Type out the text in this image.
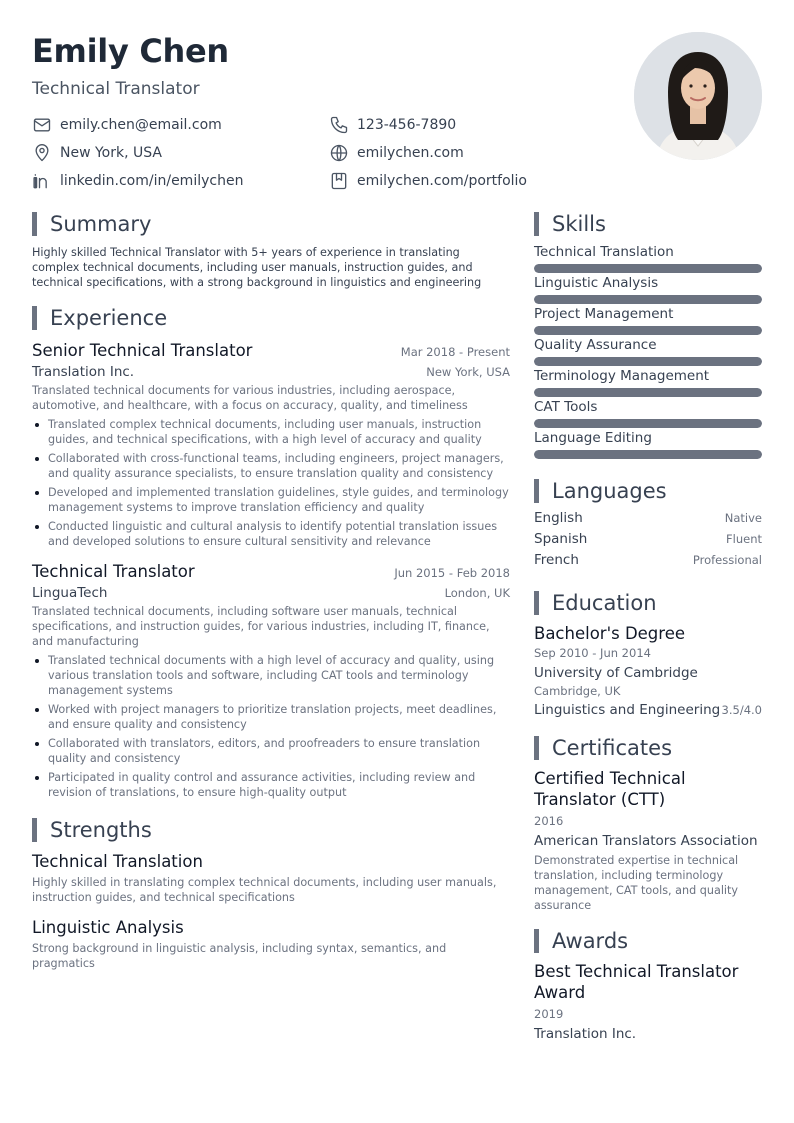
Emily Chen
Technical Translator
emily.chen@email.com	123-456-7890
New York, USA	emilychen.com
linkedin.com/in/emilychen	emilychen.com/portfolio
Summary
Highly skilled Technical Translator with 5+ years of experience in translating complex technical documents, including user manuals, instruction guides, and technical specifications, with a strong background in linguistics and engineering
Experience
Senior Technical Translator	Mar 2018 - Present
Translation Inc.	New York, USA
Translated technical documents for various industries, including aerospace, automotive, and healthcare, with a focus on accuracy, quality, and timeliness
Translated complex technical documents, including user manuals, instruction guides, and technical specifications, with a high level of accuracy and quality
Collaborated with cross-functional teams, including engineers, project managers, and quality assurance specialists, to ensure translation quality and consistency
Developed and implemented translation guidelines, style guides, and terminology management systems to improve translation efficiency and quality
Conducted linguistic and cultural analysis to identify potential translation issues and developed solutions to ensure cultural sensitivity and relevance
Technical Translator	Jun 2015 - Feb 2018
LinguaTech	London, UK
Translated technical documents, including software user manuals, technical specifications, and instruction guides, for various industries, including IT, finance, and manufacturing
Translated technical documents with a high level of accuracy and quality, using various translation tools and software, including CAT tools and terminology management systems
Worked with project managers to prioritize translation projects, meet deadlines, and ensure quality and consistency
Collaborated with translators, editors, and proofreaders to ensure translation quality and consistency
Participated in quality control and assurance activities, including review and revision of translations, to ensure high-quality output
Strengths
Technical Translation
Highly skilled in translating complex technical documents, including user manuals, instruction guides, and technical specifications
Linguistic Analysis
Strong background in linguistic analysis, including syntax, semantics, and pragmatics
Skills
Technical Translation
Linguistic Analysis
Project Management
Quality Assurance
Terminology Management
CAT Tools
Language Editing
Languages
English	Native
Spanish	Fluent
French	Professional
Education
Bachelor's Degree
Sep 2010 - Jun 2014
University of Cambridge
Cambridge, UK
Linguistics and Engineering 3.5/4.0
Certificates
Certified Technical Translator (CTT)
2016
American Translators Association
Demonstrated expertise in technical translation, including terminology management, CAT tools, and quality assurance
Awards
Best Technical Translator Award
2019
Translation Inc.
